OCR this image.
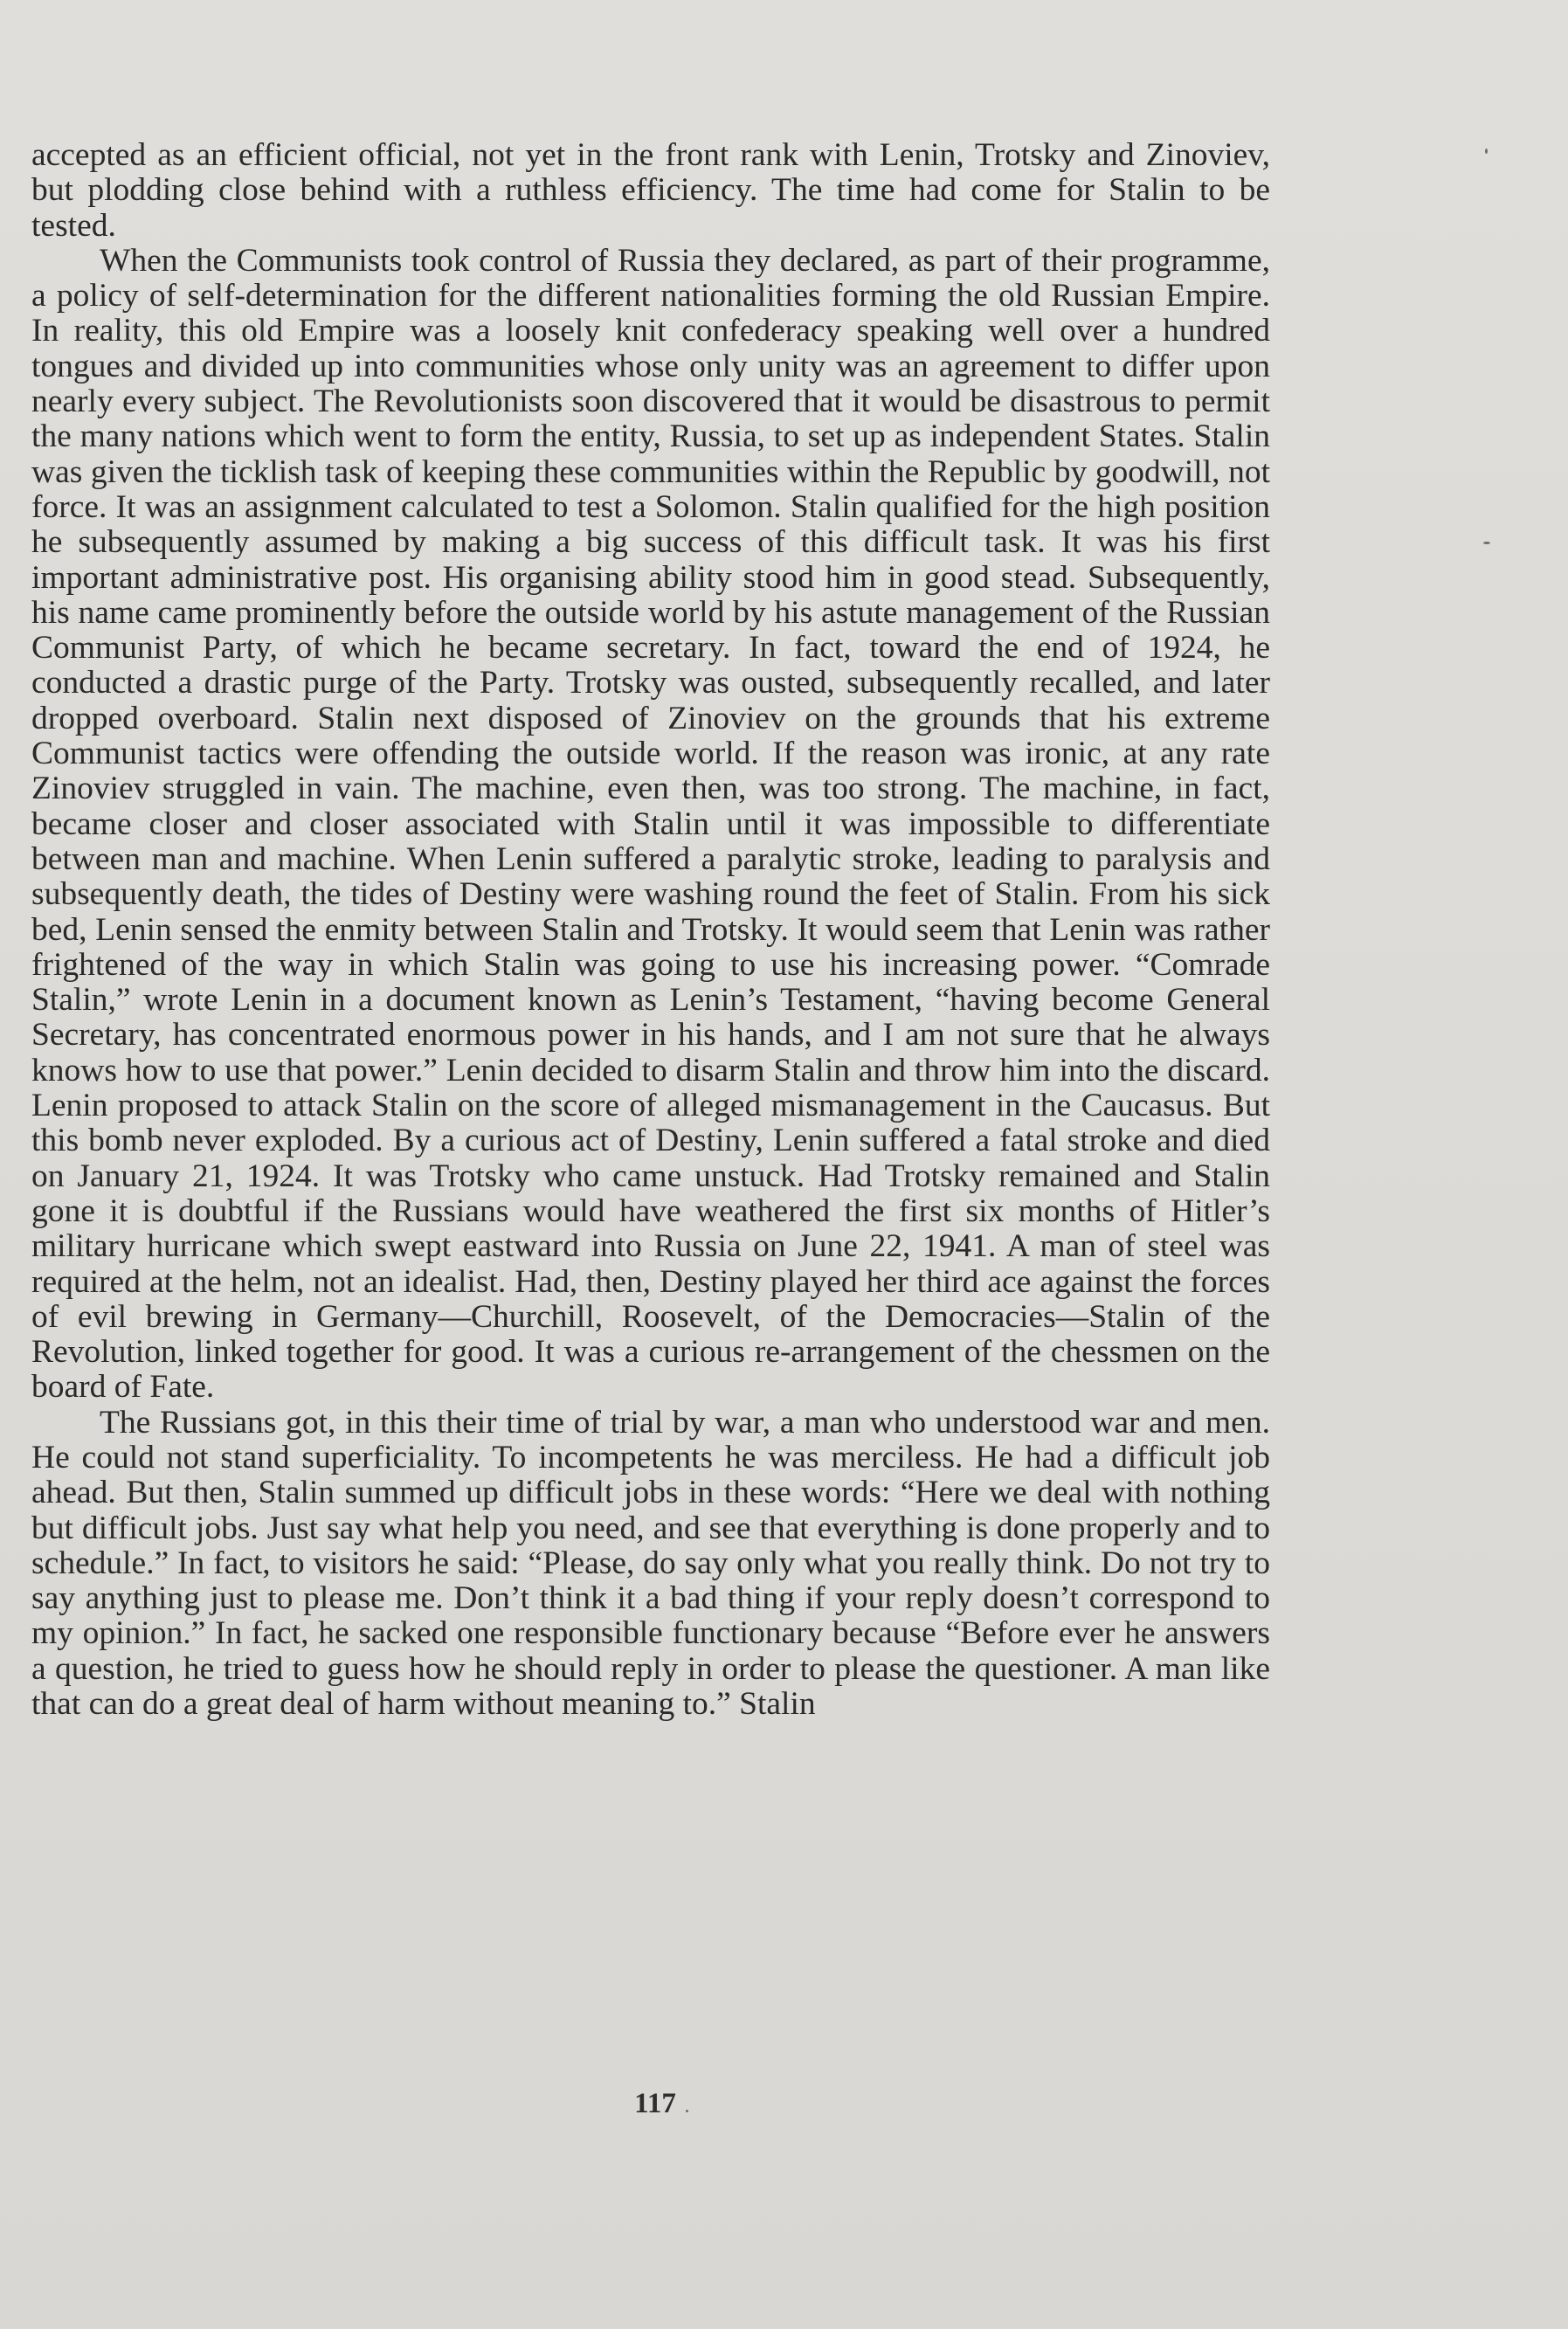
accepted as an efficient official, not yet in the front rank with Lenin, Trotsky and Zinoviev, but plodding close behind with a ruthless efficiency. The time had come for Stalin to be tested.

When the Communists took control of Russia they declared, as part of their programme, a policy of self-determination for the different nationalities forming the old Russian Empire. In reality, this old Empire was a loosely knit confederacy speaking well over a hundred tongues and divided up into communities whose only unity was an agreement to differ upon nearly every subject. The Revolutionists soon discovered that it would be disastrous to permit the many nations which went to form the entity, Russia, to set up as independent States. Stalin was given the ticklish task of keeping these communities within the Republic by goodwill, not force. It was an assignment calculated to test a Solomon. Stalin qualified for the high position he subsequently assumed by making a big success of this difficult task. It was his first important administrative post. His organising ability stood him in good stead. Subsequently, his name came prominently before the outside world by his astute management of the Russian Communist Party, of which he became secretary. In fact, toward the end of 1924, he conducted a drastic purge of the Party. Trotsky was ousted, subsequently recalled, and later dropped overboard. Stalin next disposed of Zinoviev on the grounds that his extreme Communist tactics were offending the outside world. If the reason was ironic, at any rate Zinoviev struggled in vain. The machine, even then, was too strong. The machine, in fact, became closer and closer associated with Stalin until it was impossible to differentiate between man and machine. When Lenin suffered a paralytic stroke, leading to paralysis and subsequently death, the tides of Destiny were washing round the feet of Stalin. From his sick bed, Lenin sensed the enmity between Stalin and Trotsky. It would seem that Lenin was rather frightened of the way in which Stalin was going to use his increasing power. “Comrade Stalin,” wrote Lenin in a document known as Lenin’s Testament, “having become General Secretary, has concentrated enormous power in his hands, and I am not sure that he always knows how to use that power.” Lenin decided to disarm Stalin and throw him into the discard. Lenin proposed to attack Stalin on the score of alleged mismanagement in the Caucasus. But this bomb never exploded. By a curious act of Destiny, Lenin suffered a fatal stroke and died on January 21, 1924. It was Trotsky who came unstuck. Had Trotsky remained and Stalin gone it is doubtful if the Russians would have weathered the first six months of Hitler’s military hurricane which swept eastward into Russia on June 22, 1941. A man of steel was required at the helm, not an idealist. Had, then, Destiny played her third ace against the forces of evil brewing in Germany—Churchill, Roosevelt, of the Democracies—Stalin of the Revolution, linked together for good. It was a curious re-arrangement of the chessmen on the board of Fate.

The Russians got, in this their time of trial by war, a man who understood war and men. He could not stand superficiality. To incompetents he was merciless. He had a difficult job ahead. But then, Stalin summed up difficult jobs in these words: “Here we deal with nothing but difficult jobs. Just say what help you need, and see that everything is done properly and to schedule.” In fact, to visitors he said: “Please, do say only what you really think. Do not try to say anything just to please me. Don’t think it a bad thing if your reply doesn’t correspond to my opinion.” In fact, he sacked one responsible functionary because “Before ever he answers a question, he tried to guess how he should reply in order to please the questioner. A man like that can do a great deal of harm without meaning to.” Stalin

117
